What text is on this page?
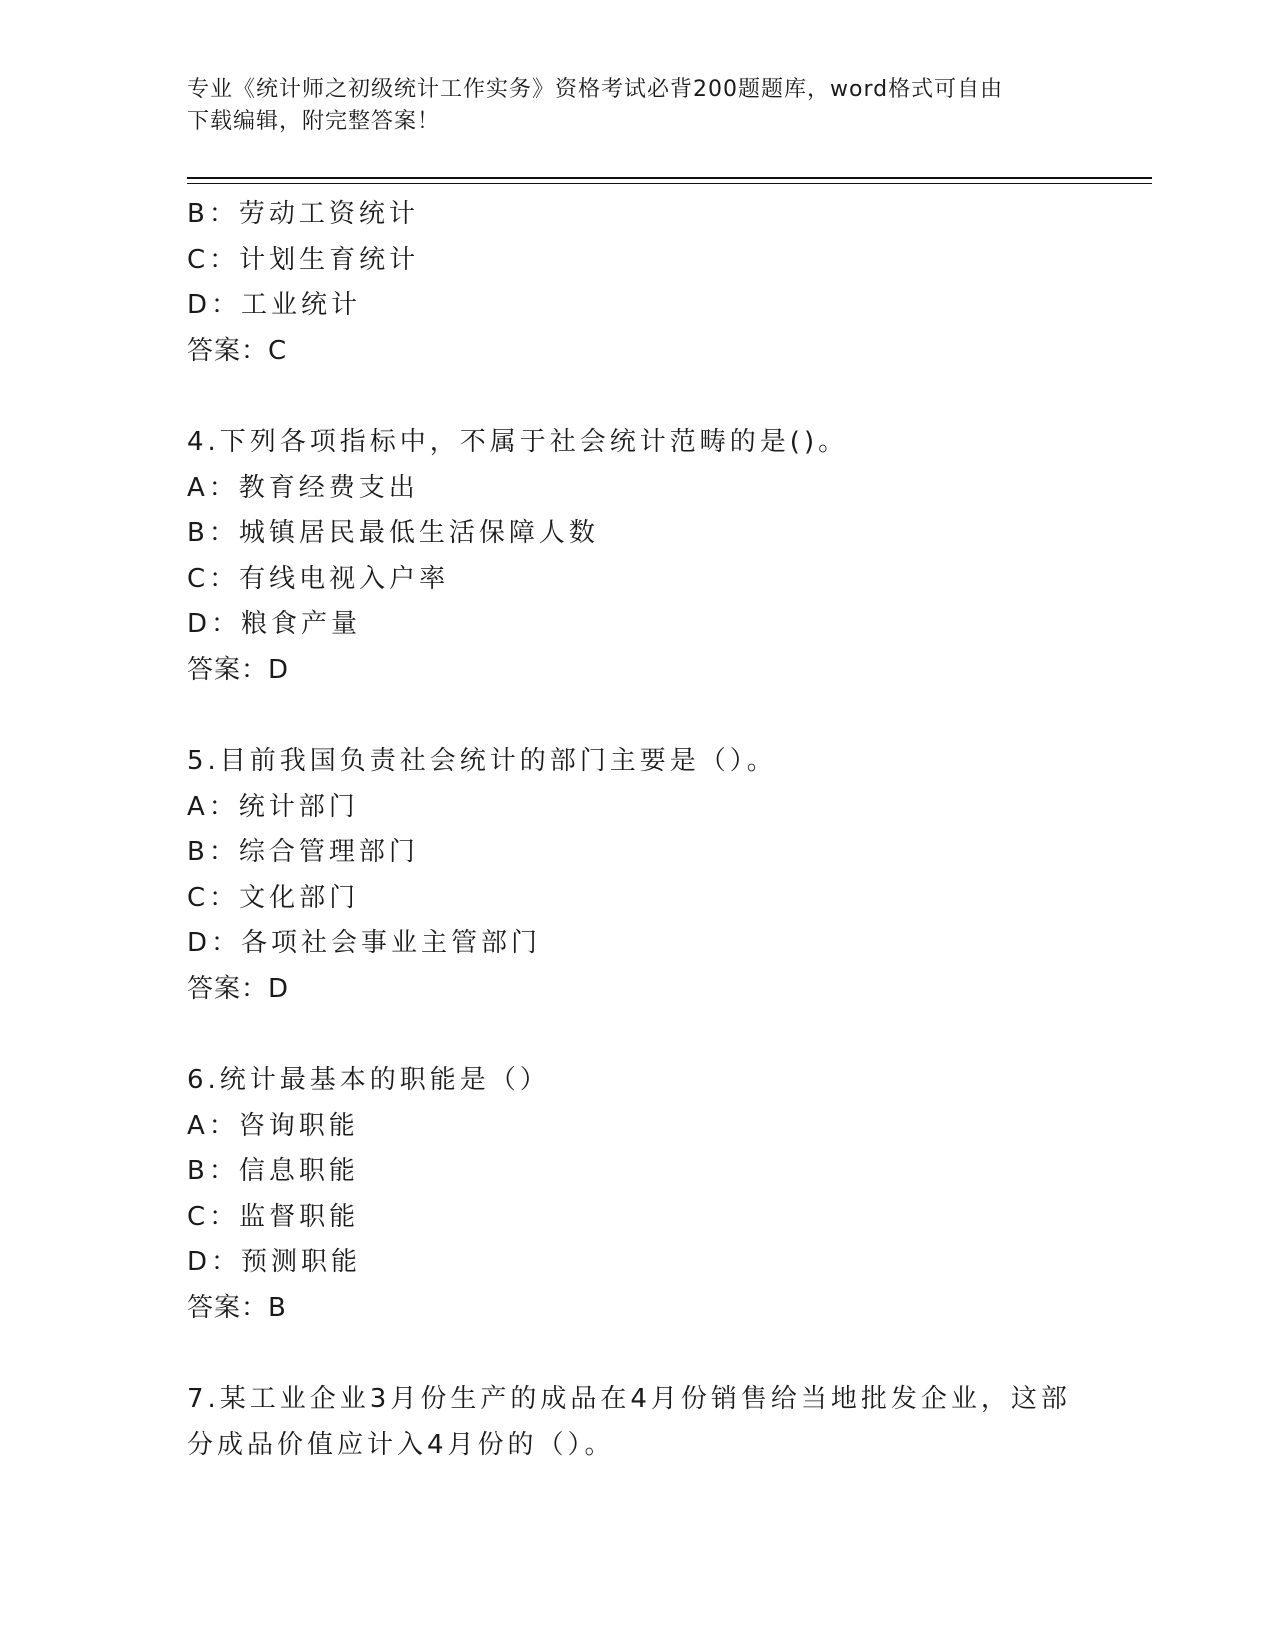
专业《统计师之初级统计工作实务》资格考试必背200题题库，word格式可自由
下载编辑，附完整答案！
B：劳动工资统计
C：计划生育统计
D：工业统计
答案：C
4.下列各项指标中，不属于社会统计范畴的是()。
A：教育经费支出
B：城镇居民最低生活保障人数
C：有线电视入户率
D：粮食产量
答案：D
5.目前我国负责社会统计的部门主要是（）。
A：统计部门
B：综合管理部门
C：文化部门
D：各项社会事业主管部门
答案：D
6.统计最基本的职能是（）
A：咨询职能
B：信息职能
C：监督职能
D：预测职能
答案：B
7.某工业企业3月份生产的成品在4月份销售给当地批发企业，这部
分成品价值应计入4月份的（）。
